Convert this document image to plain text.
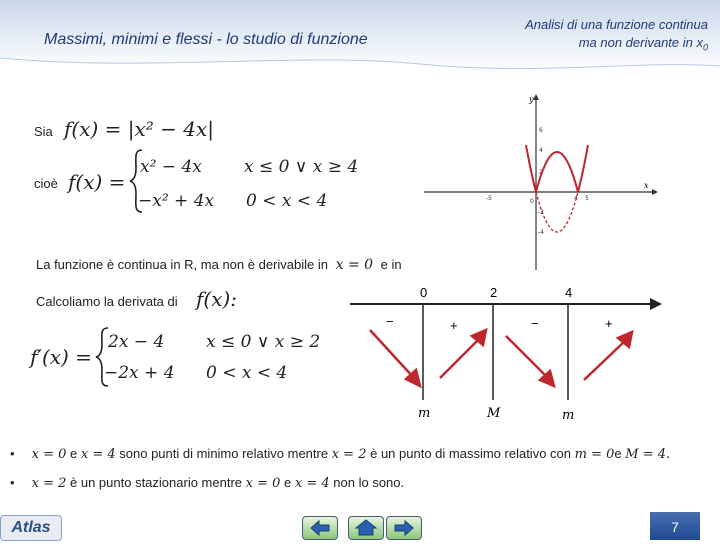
Massimi, minimi e flessi - lo studio di funzione
Analisi di una funzione continua
ma non derivante in $x_0$
y
x
6
4
2
-2
-4
-5	0	4 5
Sia f(x) = |x² − 4x|
cioè f(x) =
x² − 4x x ≤ 0 ∨ x ≥ 4
−x² + 4x 0 < x < 4
La funzione è continua in R, ma non è derivabile in x = 0 e in
Calcoliamo la derivata di f(x):
f′(x) =
2x − 4 x ≤ 0 ∨ x ≥ 2
−2x + 4 0 < x < 4
0	2	4
−	+	−	+
m	M	m
• x = 0 e x = 4 sono punti di minimo relativo mentre x = 2 è un punto di massimo relativo con m = 0e M = 4.
• x = 2 è un punto stazionario mentre x = 0 e x = 4 non lo sono.
Atlas	7
